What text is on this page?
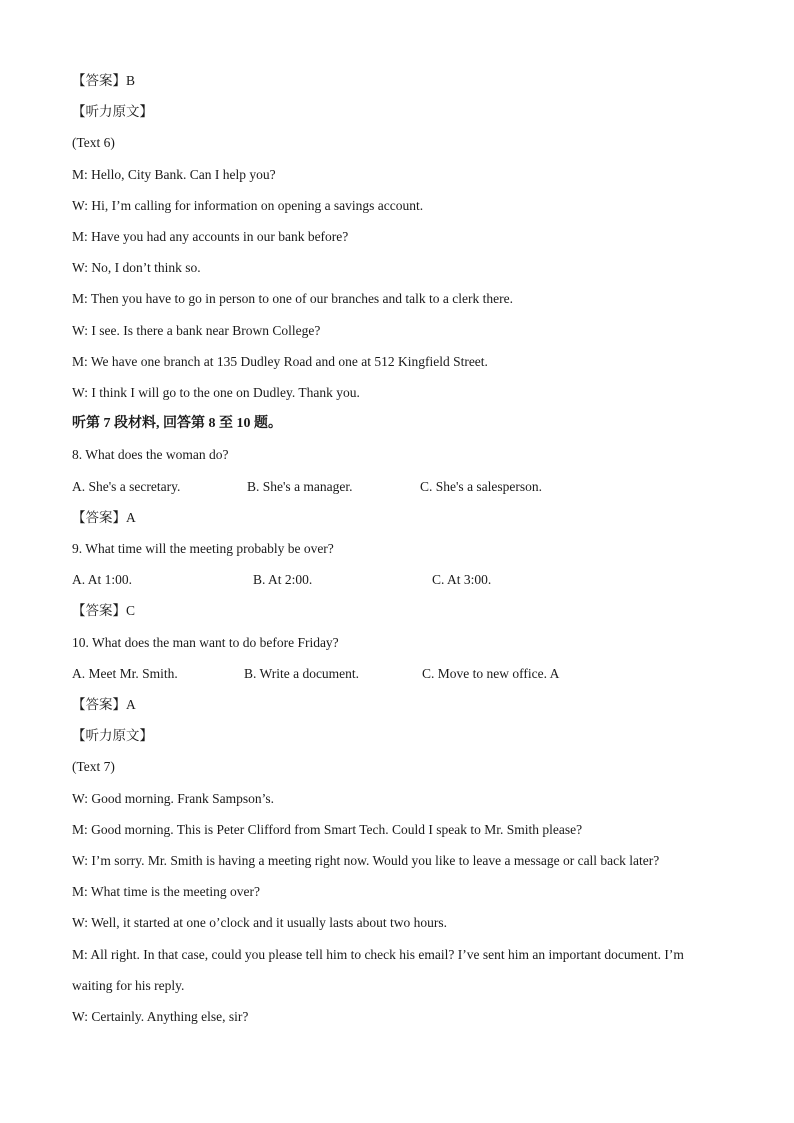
【答案】B
【听力原文】
(Text 6)
M: Hello, City Bank. Can I help you?
W: Hi, I’m calling for information on opening a savings account.
M: Have you had any accounts in our bank before?
W: No, I don’t think so.
M: Then you have to go in person to one of our branches and talk to a clerk there.
W: I see. Is there a bank near Brown College?
M: We have one branch at 135 Dudley Road and one at 512 Kingfield Street.
W: I think I will go to the one on Dudley. Thank you.
听第 7 段材料, 回答第 8 至 10 题。
8. What does the woman do?
A. She's a secretary.	B. She's a manager.	C. She's a salesperson.
【答案】A
9. What time will the meeting probably be over?
A. At 1:00.	B. At 2:00.	C. At 3:00.
【答案】C
10. What does the man want to do before Friday?
A. Meet Mr. Smith.	B. Write a document.	C. Move to new office. A
【答案】A
【听力原文】
(Text 7)
W: Good morning. Frank Sampson’s.
M: Good morning. This is Peter Clifford from Smart Tech. Could I speak to Mr. Smith please?
W: I’m sorry. Mr. Smith is having a meeting right now. Would you like to leave a message or call back later?
M: What time is the meeting over?
W: Well, it started at one o’clock and it usually lasts about two hours.
M: All right. In that case, could you please tell him to check his email? I’ve sent him an important document. I’m
waiting for his reply.
W: Certainly. Anything else, sir?
